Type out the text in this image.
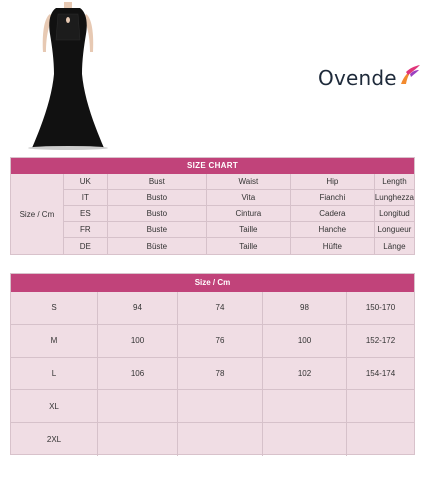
Ovende
SIZE CHART
Size / Cm
UK	Bust	Waist	Hip	Length
IT	Busto	Vita	Fianchi	Lunghezza
ES	Busto	Cintura	Cadera	Longitud
FR	Buste	Taille	Hanche	Longueur
DE	Büste	Taille	Hüfte	Länge
Size / Cm
S	94	74	98	150-170
M	100	76	100	152-172
L	106	78	102	154-174
XL
2XL
